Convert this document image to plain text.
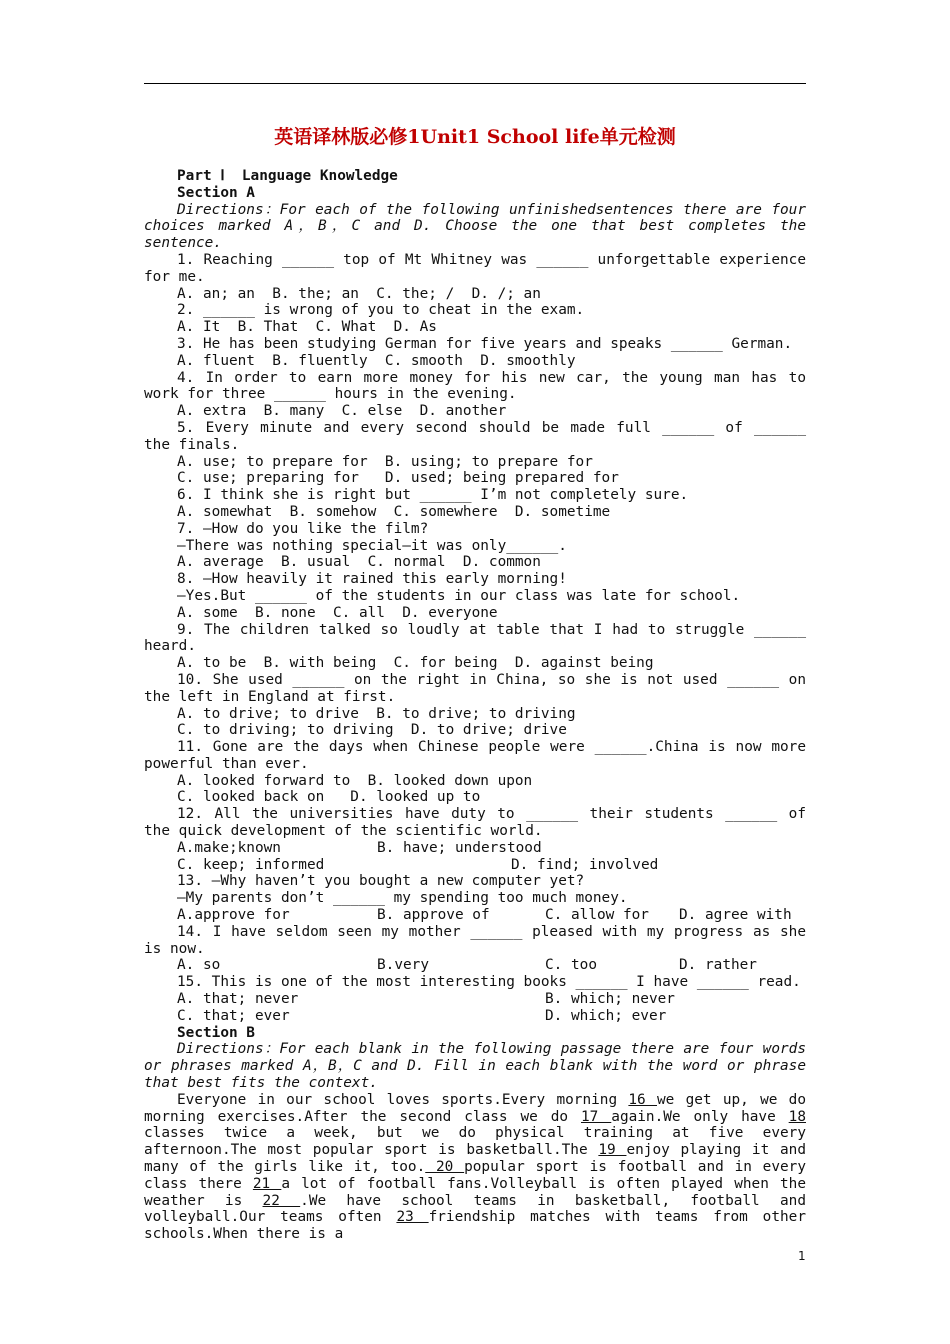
英语译林版必修1Unit1 School life单元检测
Part Ⅰ  Language Knowledge
Section A

Directions：For each of the following unfinishedsentences there are four choices marked A，B，C and D. Choose the one that best completes the sentence.

1. Reaching ______ top of Mt Whitney was ______ unforgettable experience for me.

A. an; an  B. the; an  C. the; /  D. /; an
2. ______ is wrong of you to cheat in the exam.
A. It  B. That  C. What  D. As
3. He has been studying German for five years and speaks ______ German.
A. fluent  B. fluently  C. smooth  D. smoothly

4. In order to earn more money for his new car, the young man has to work for three ______ hours in the evening.

A. extra  B. many  C. else  D. another

5. Every minute and every second should be made full ______ of ______ the finals.

A. use; to prepare for  B. using; to prepare for
C. use; preparing for   D. used; being prepared for
6. I think she is right but ______ I’m not completely sure.
A. somewhat  B. somehow  C. somewhere  D. sometime
7. —How do you like the film?
—There was nothing special—it was only______.
A. average  B. usual  C. normal  D. common
8. —How heavily it rained this early morning!
—Yes.But ______ of the students in our class was late for school.
A. some  B. none  C. all  D. everyone

9. The children talked so loudly at table that I had to struggle ______ heard.

A. to be  B. with being  C. for being  D. against being

10. She used ______ on the right in China, so she is not used ______ on the left in England at first.

A. to drive; to drive  B. to drive; to driving
C. to driving; to driving  D. to drive; drive

11. Gone are the days when Chinese people were ______.China is now more powerful than ever.

A. looked forward to  B. looked down upon
C. looked back on   D. looked up to

12. All the universities have duty to ______ their students ______ of the quick development of the scientific world.

A.make;known	B. have; understood
C. keep; informed	D. find; involved
13. —Why haven’t you bought a new computer yet?
—My parents don’t ______ my spending too much money.
A.approve for	B. approve of	C. allow for D. agree with

14. I have seldom seen my mother ______ pleased with my progress as she is now.

A. so	B.very	C. too	D. rather
15. This is one of the most interesting books ______ I have ______ read.
A. that; never	B. which; never
C. that; ever	D. which; ever
Section B

Directions：For each blank in the following passage there are four words or phrases marked A，B，C and D. Fill in each blank with the word or phrase that best fits the context.

Everyone in our school loves sports.Every morning 16 we get up, we do morning exercises.After the second class we do 17 again.We only have 18 classes twice a week, but we do physical training at five every afternoon.The most popular sport is basketball.The 19 enjoy playing it and many of the girls like it, too. 20 popular sport is football and in every class there 21 a lot of football fans.Volleyball is often played when the weather is 22 .We have school teams in basketball, football and volleyball.Our teams often 23 friendship matches with teams from other schools.When there is a

1
